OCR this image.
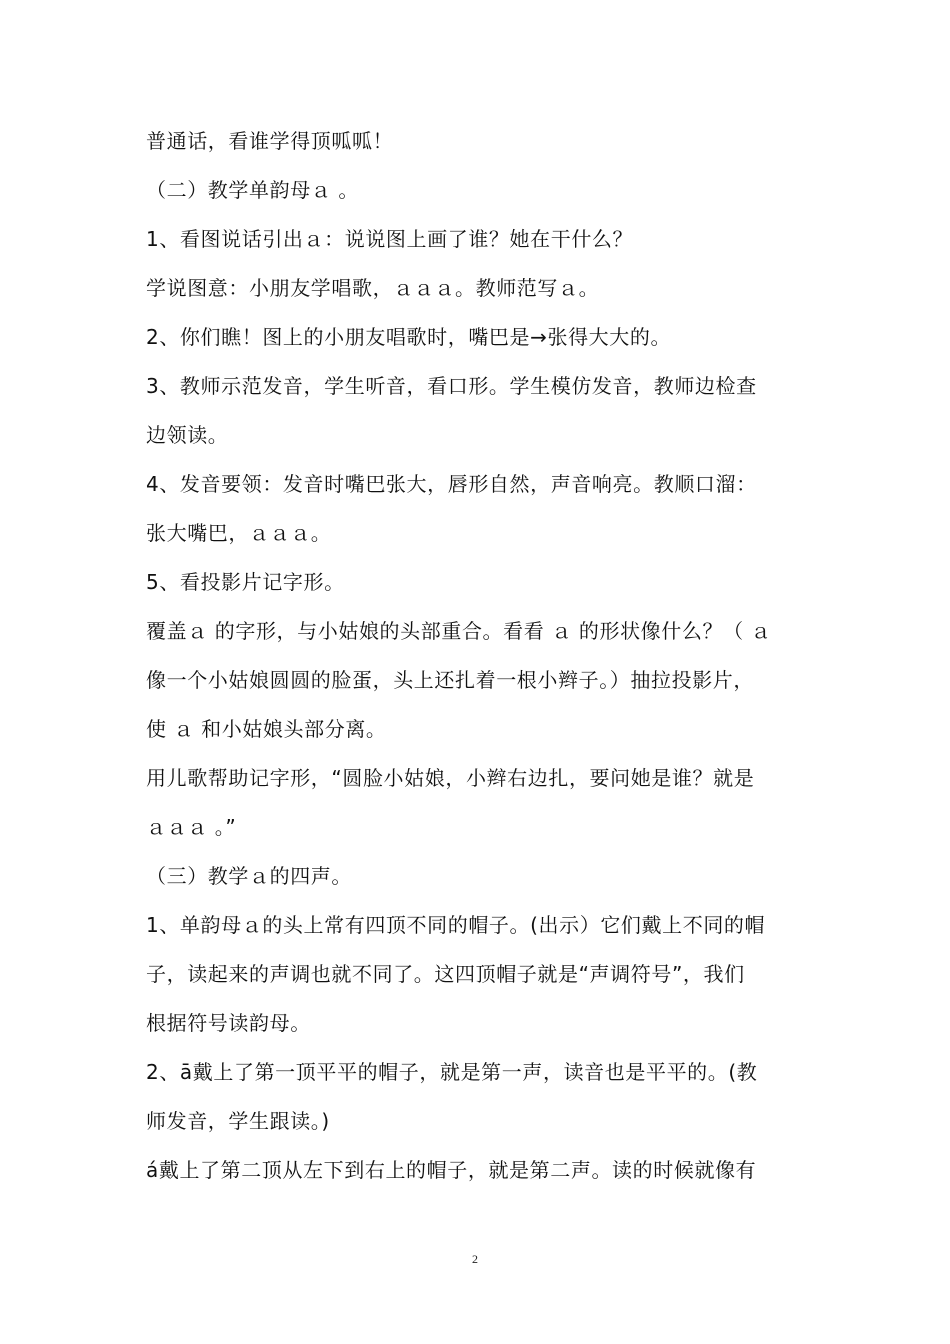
普通话，看谁学得顶呱呱！
（二）教学单韵母ａ 。
1、看图说话引出ａ：说说图上画了谁？她在干什么？
学说图意：小朋友学唱歌，ａａａ。教师范写ａ。
2、你们瞧！图上的小朋友唱歌时，嘴巴是→张得大大的。
3、教师示范发音，学生听音，看口形。学生模仿发音，教师边检查
边领读。
4、发音要领：发音时嘴巴张大，唇形自然，声音响亮。教顺口溜：
张大嘴巴，ａａａ。
5、看投影片记字形。
覆盖ａ 的字形，与小姑娘的头部重合。看看 ａ 的形状像什么？（ ａ
像一个小姑娘圆圆的脸蛋，头上还扎着一根小辫子。）抽拉投影片，
使 ａ 和小姑娘头部分离。
用儿歌帮助记字形，“圆脸小姑娘，小辫右边扎，要问她是谁？就是
ａａａ 。”
（三）教学ａ的四声。
1、单韵母ａ的头上常有四顶不同的帽子。(出示）它们戴上不同的帽
子，读起来的声调也就不同了。这四顶帽子就是“声调符号”，我们
根据符号读韵母。
2、ā戴上了第一顶平平的帽子，就是第一声，读音也是平平的。(教
师发音，学生跟读。)
á戴上了第二顶从左下到右上的帽子，就是第二声。读的时候就像有
2
